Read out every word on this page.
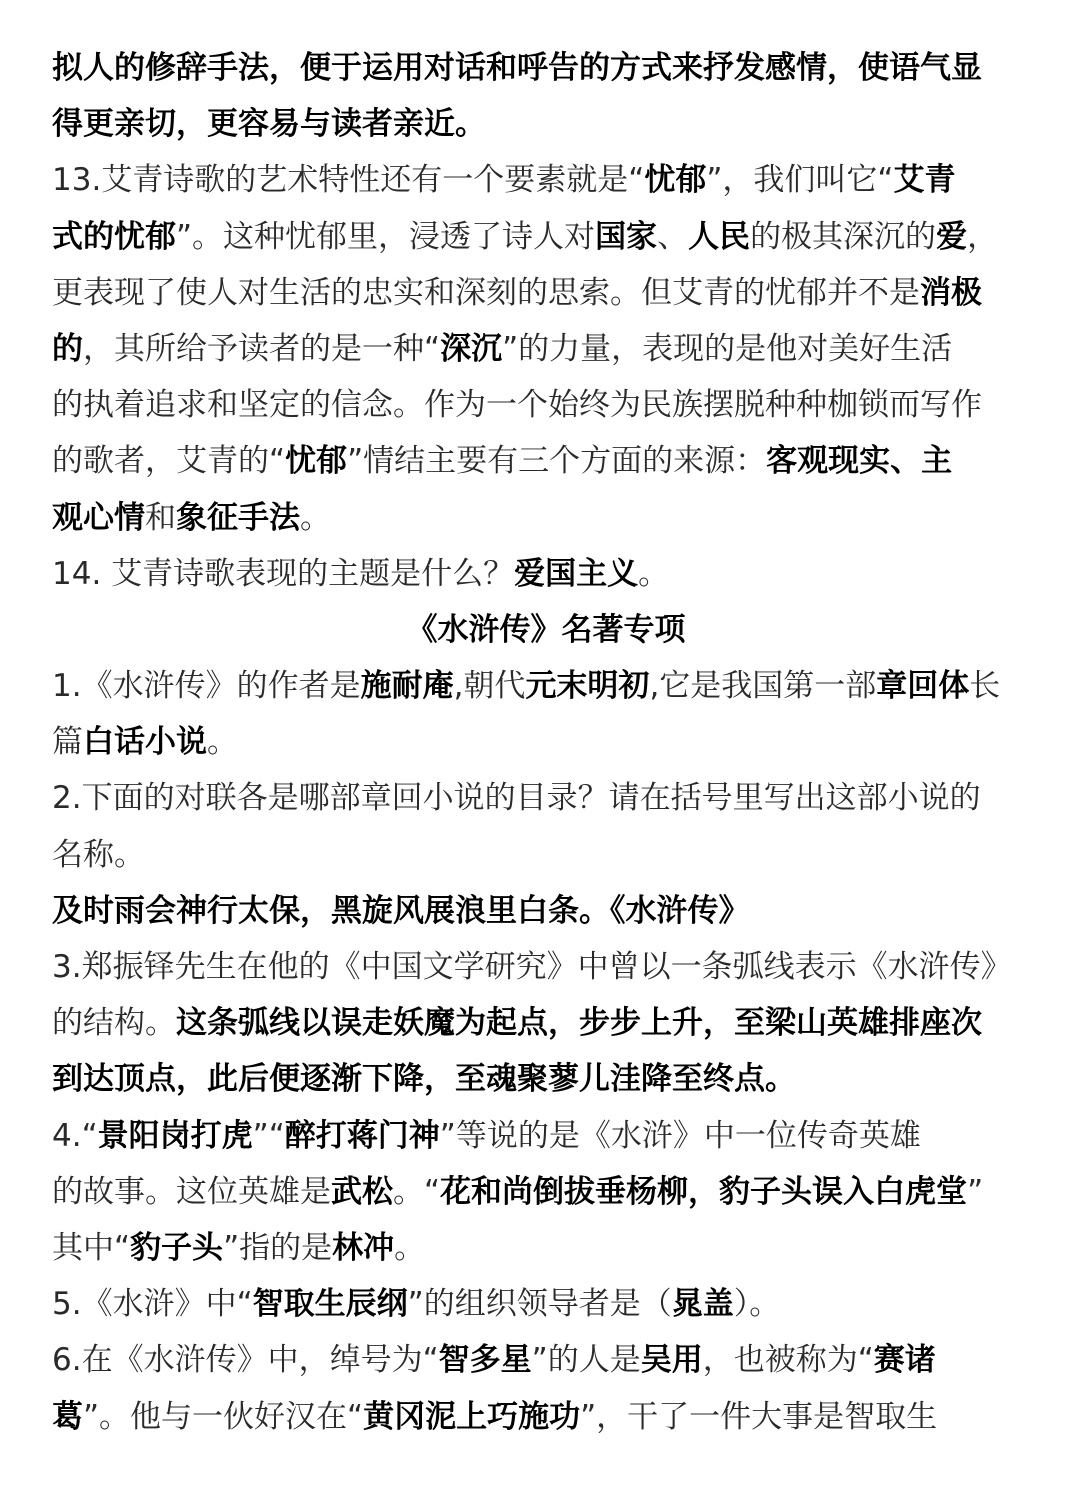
拟人的修辞手法，便于运用对话和呼告的方式来抒发感情，使语气显
得更亲切，更容易与读者亲近。
13.艾青诗歌的艺术特性还有一个要素就是“忧郁”，我们叫它“艾青
式的忧郁”。这种忧郁里，浸透了诗人对国家、人民的极其深沉的爱，
更表现了使人对生活的忠实和深刻的思索。但艾青的忧郁并不是消极
的，其所给予读者的是一种“深沉”的力量，表现的是他对美好生活
的执着追求和坚定的信念。作为一个始终为民族摆脱种种枷锁而写作
的歌者，艾青的“忧郁”情结主要有三个方面的来源：客观现实、主
观心情和象征手法。
14. 艾青诗歌表现的主题是什么？爱国主义。
《水浒传》名著专项
1.《水浒传》的作者是施耐庵,朝代元末明初,它是我国第一部章回体长
篇白话小说。
2.下面的对联各是哪部章回小说的目录？请在括号里写出这部小说的
名称。
及时雨会神行太保，黑旋风展浪里白条。《水浒传》
3.郑振铎先生在他的《中国文学研究》中曾以一条弧线表示《水浒传》
的结构。这条弧线以误走妖魔为起点，步步上升，至梁山英雄排座次
到达顶点，此后便逐渐下降，至魂聚蓼儿洼降至终点。
4.“景阳岗打虎”“醉打蒋门神”等说的是《水浒》中一位传奇英雄
的故事。这位英雄是武松。“花和尚倒拔垂杨柳，豹子头误入白虎堂”
其中“豹子头”指的是林冲。
5.《水浒》中“智取生辰纲”的组织领导者是（晁盖）。
6.在《水浒传》中，绰号为“智多星”的人是吴用，也被称为“赛诸
葛”。他与一伙好汉在“黄冈泥上巧施功”，干了一件大事是智取生
